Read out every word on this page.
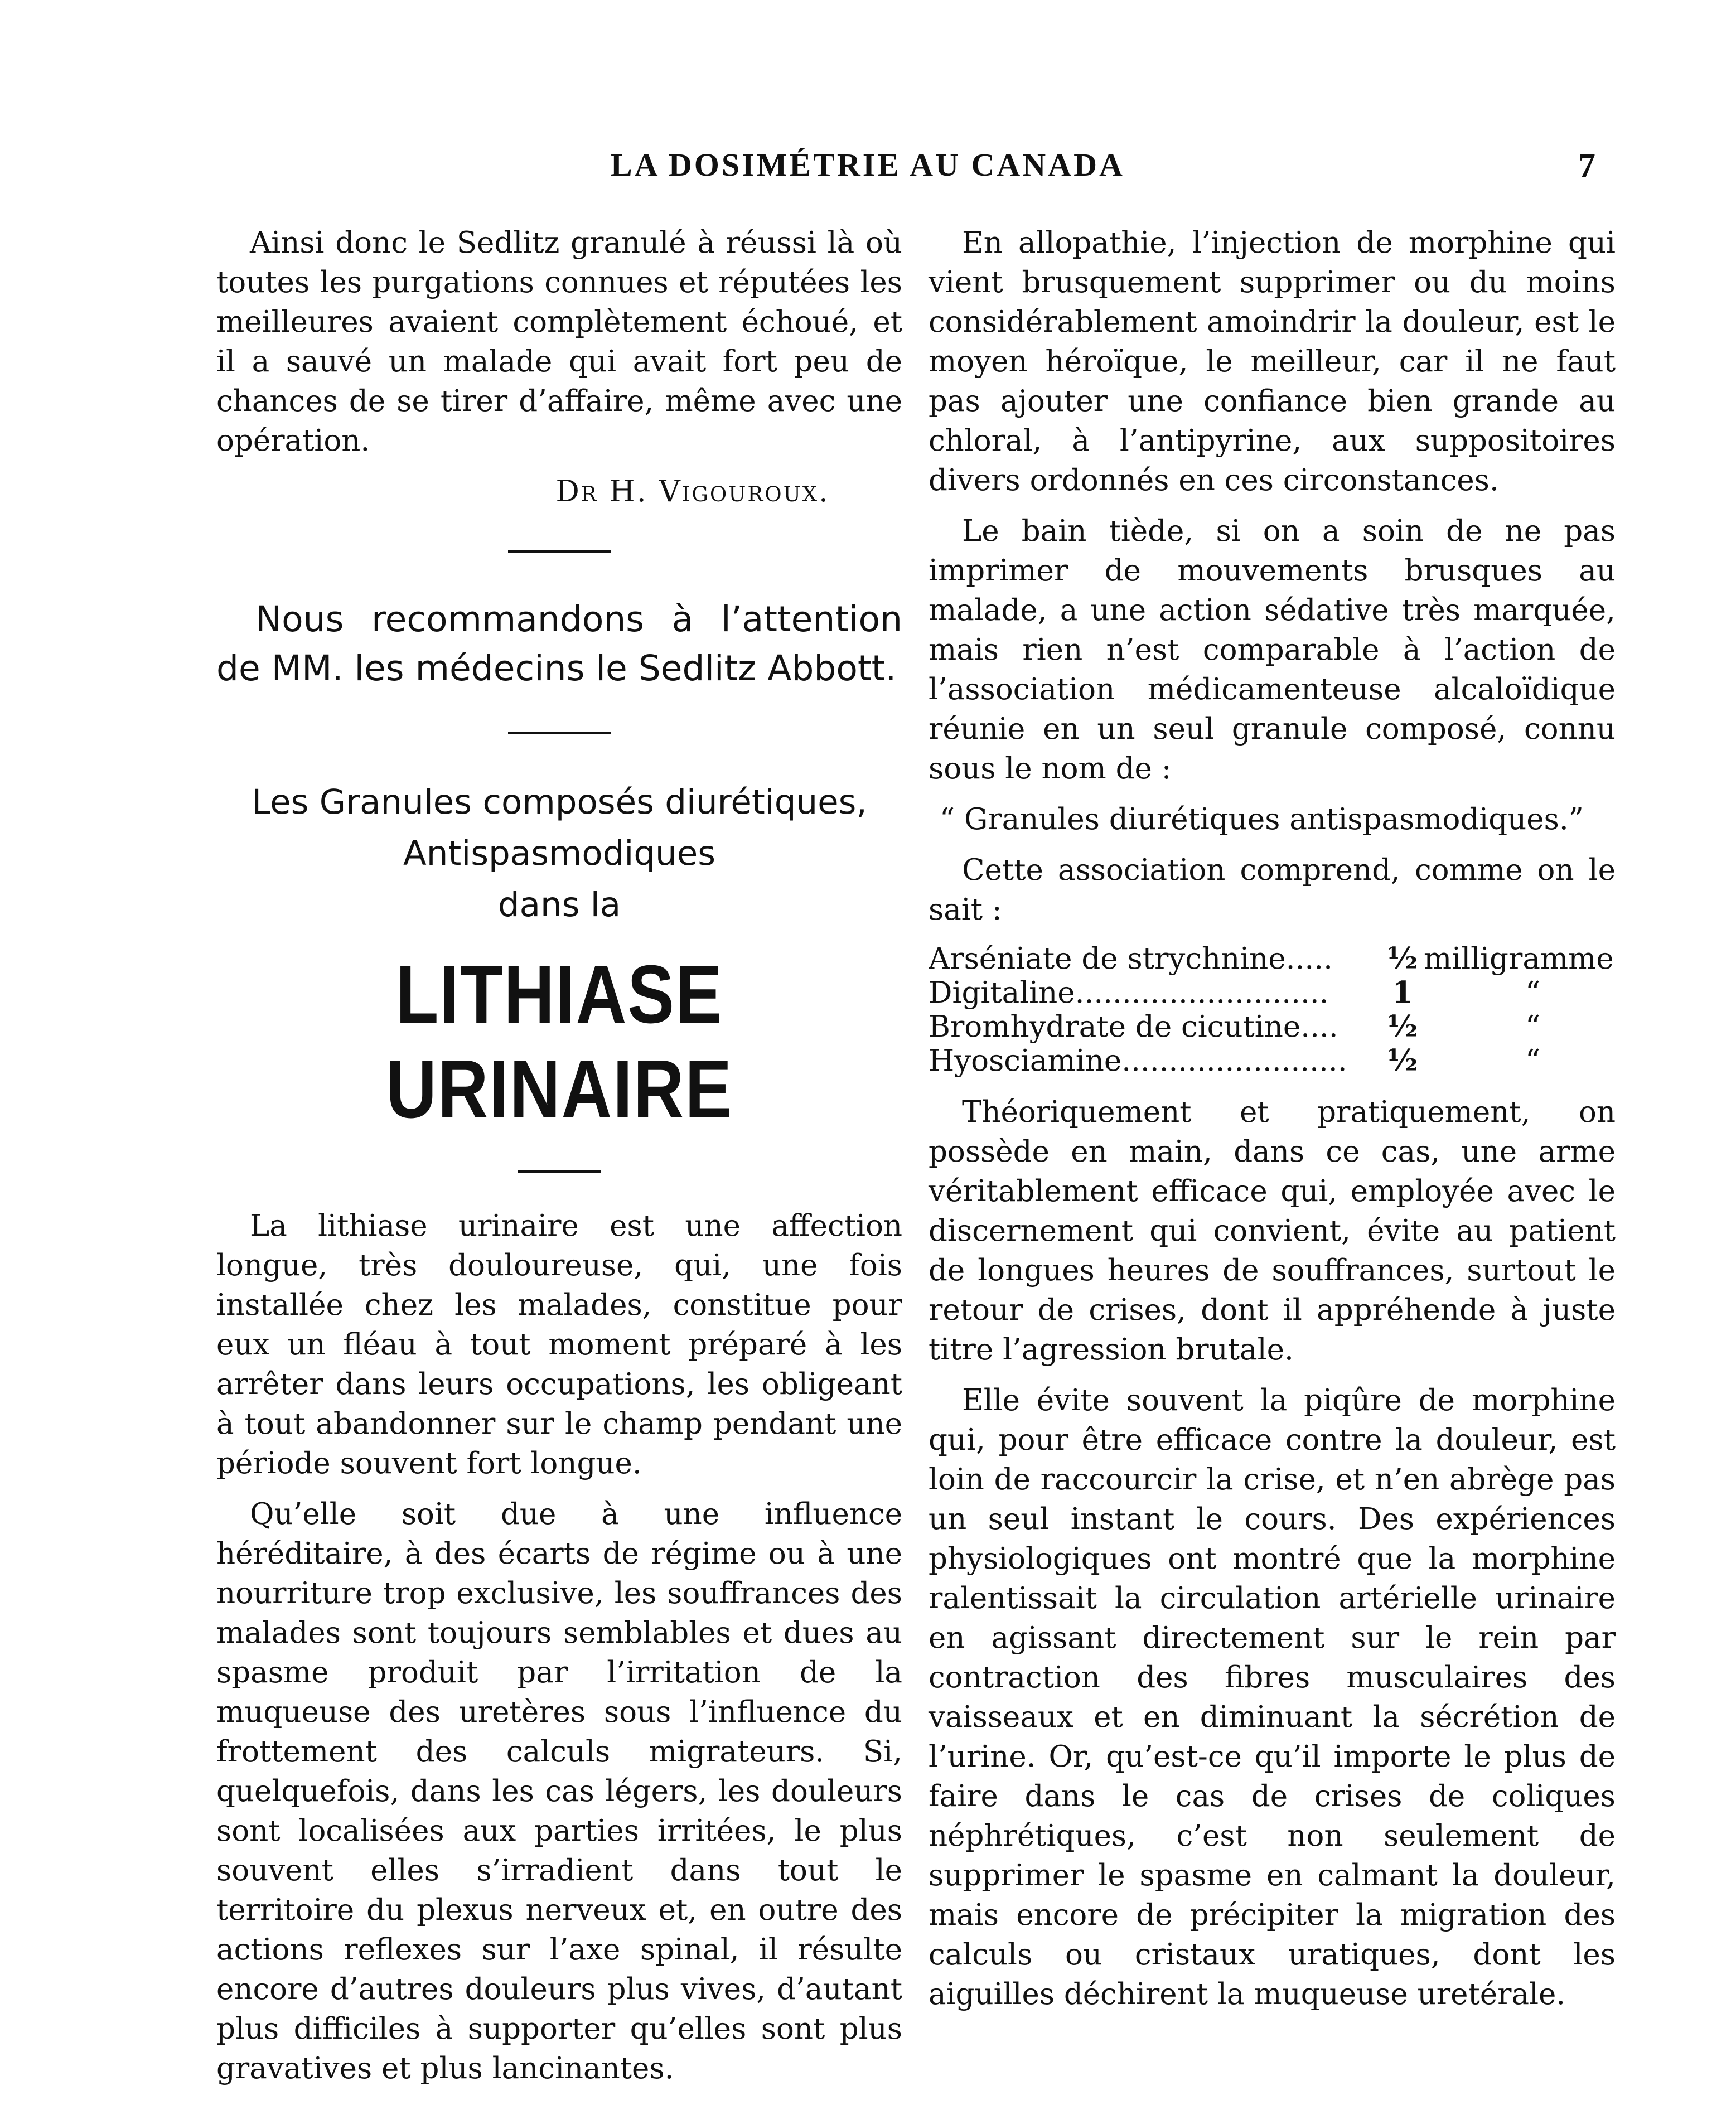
LA DOSIMÉTRIE AU CANADA	7

Ainsi donc le Sedlitz granulé à réussi là où toutes les purgations connues et réputées les meilleures avaient complètement échoué, et il a sauvé un malade qui avait fort peu de chances de se tirer d’affaire, même avec une opération.

Dr H. Vigouroux.

Nous recommandons à l’attention de MM. les médecins le Sedlitz Abbott.

Les Granules composés diurétiques, Antispasmodiques

dans la

LITHIASE URINAIRE

La lithiase urinaire est une affection longue, très douloureuse, qui, une fois installée chez les malades, constitue pour eux un fléau à tout moment préparé à les arrêter dans leurs occupations, les obligeant à tout abandonner sur le champ pendant une période souvent fort longue.

Qu’elle soit due à une influence héréditaire, à des écarts de régime ou à une nourriture trop exclusive, les souffrances des malades sont toujours semblables et dues au spasme produit par l’irritation de la muqueuse des uretères sous l’influence du frottement des calculs migrateurs. Si, quelquefois, dans les cas légers, les douleurs sont localisées aux parties irritées, le plus souvent elles s’irradient dans tout le territoire du plexus nerveux et, en outre des actions reflexes sur l’axe spinal, il résulte encore d’autres douleurs plus vives, d’autant plus difficiles à supporter qu’elles sont plus gravatives et plus lancinantes.

En allopathie, l’injection de morphine qui vient brusquement supprimer ou du moins considérablement amoindrir la douleur, est le moyen héroïque, le meilleur, car il ne faut pas ajouter une confiance bien grande au chloral, à l’antipyrine, aux suppositoires divers ordonnés en ces circonstances.

Le bain tiède, si on a soin de ne pas imprimer de mouvements brusques au malade, a une action sédative très marquée, mais rien n’est comparable à l’action de l’association médicamenteuse alcaloïdique réunie en un seul granule composé, connu sous le nom de :

“ Granules diurétiques antispasmodiques.”

Cette association comprend, comme on le sait :

Arséniate de strychnine.....	½ milligramme
Digitaline...........................	1	“
Bromhydrate de cicutine....	½	“
Hyosciamine........................	½	“

Théoriquement et pratiquement, on possède en main, dans ce cas, une arme véritablement efficace qui, employée avec le discernement qui convient, évite au patient de longues heures de souffrances, surtout le retour de crises, dont il appréhende à juste titre l’agression brutale.

Elle évite souvent la piqûre de morphine qui, pour être efficace contre la douleur, est loin de raccourcir la crise, et n’en abrège pas un seul instant le cours. Des expériences physiologiques ont montré que la morphine ralentissait la circulation artérielle urinaire en agissant directement sur le rein par contraction des fibres musculaires des vaisseaux et en diminuant la sécrétion de l’urine. Or, qu’est-ce qu’il importe le plus de faire dans le cas de crises de coliques néphrétiques, c’est non seulement de supprimer le spasme en calmant la douleur, mais encore de précipiter la migration des calculs ou cristaux uratiques, dont les aiguilles déchirent la muqueuse uretérale.
